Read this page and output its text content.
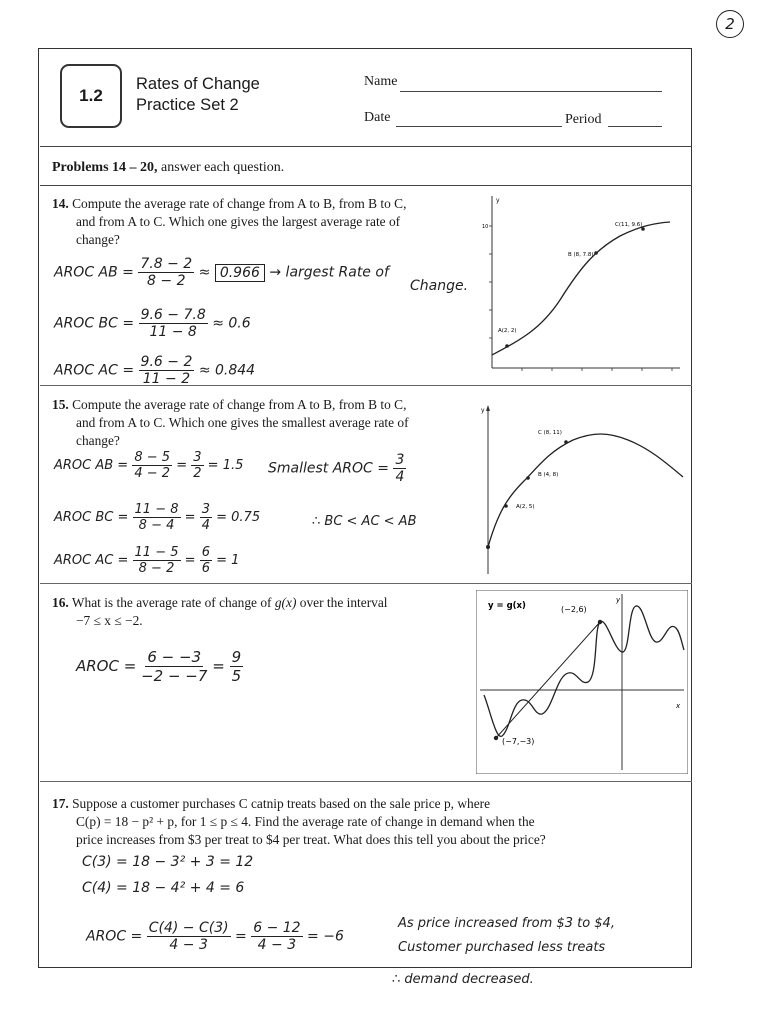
2
1.2
Rates of Change
Practice Set 2
Name
Date	Period
Problems 14 – 20, answer each question.
14. Compute the average rate of change from A to B, from B to C,
and from A to C. Which one gives the largest average rate of
change?
AROC AB = $\frac{7.8 - 2}{8 - 2} \approx 0.966$ → largest Rate of
Change.
AROC BC = $\frac{9.6 - 7.8}{11 - 8} \approx 0.6$
AROC AC = $\frac{9.6 - 2}{11 - 2} \approx 0.844$
y
10
A(2, 2)
B (8, 7.8)
C(11, 9.6)
15. Compute the average rate of change from A to B, from B to C,
and from A to C. Which one gives the smallest average rate of
change?
AROC AB = $\frac{8 - 5}{4 - 2} = \frac{3}{2} = 1.5$ Smallest AROC = $\frac{3}{4}$
AROC BC = $\frac{11 - 8}{8 - 4} = \frac{3}{4} = 0.75$	∴ BC < AC < AB
AROC AC = $\frac{11 - 5}{8 - 2} = \frac{6}{6} = 1$
y
A(2, 5)
B (4, 8)
C (8, 11)
16. What is the average rate of change of g(x) over the interval
−7 ≤ x ≤ −2.
AROC = $\frac{6 - -3}{-2 - -7} = \frac{9}{5}$
x
y
y = g(x)	(−2,6)
(−7,−3)
17. Suppose a customer purchases C catnip treats based on the sale price p, where
C(p) = 18 − p² + p, for 1 ≤ p ≤ 4. Find the average rate of change in demand when the
price increases from $3 per treat to $4 per treat. What does this tell you about the price?
C(3) = 18 − 3² + 3 = 12
C(4) = 18 − 4² + 4 = 6
AROC = $\frac{C(4) - C(3)}{4 - 3} = \frac{6 - 12}{4 - 3} = -6$
As price increased from $3 to $4,
Customer purchased less treats
∴ demand decreased.
